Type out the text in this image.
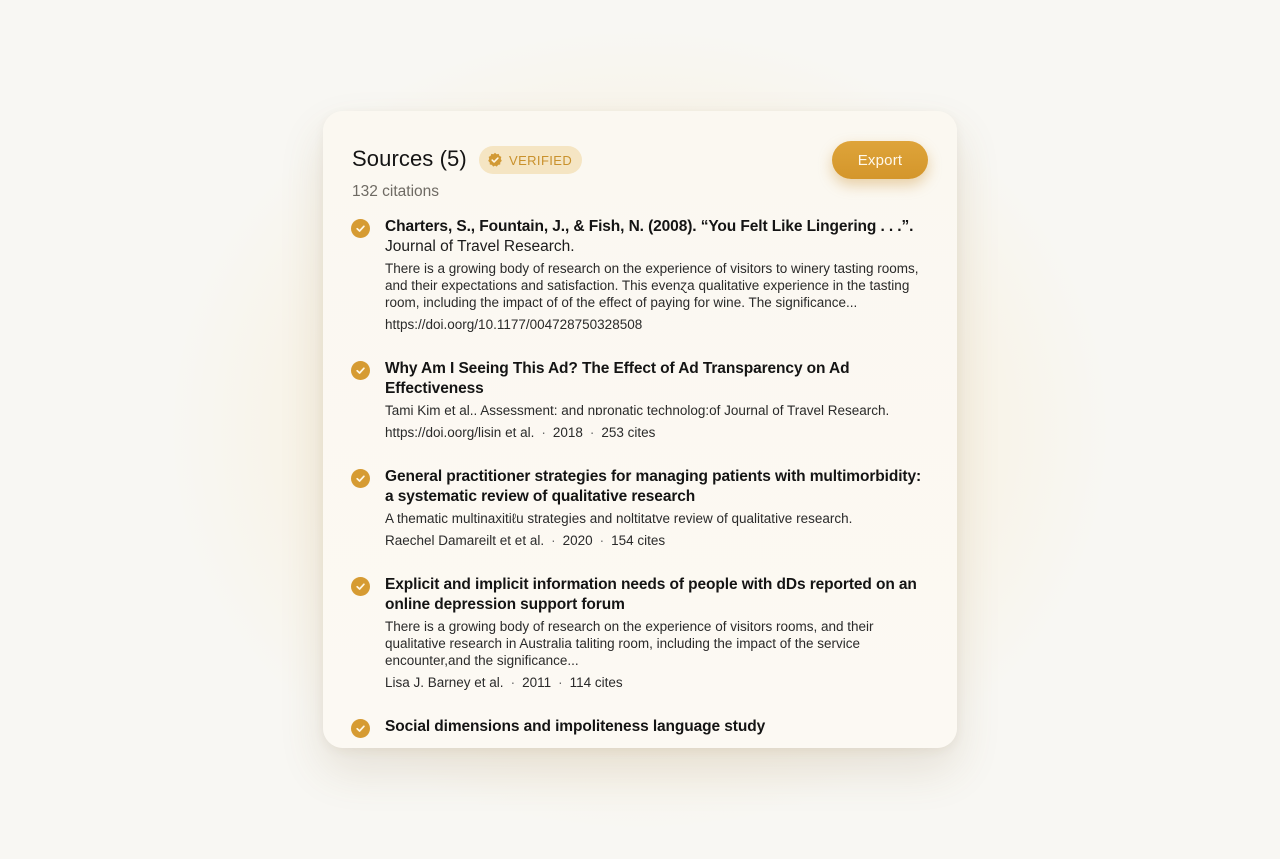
Sources (5)	VERIFIED
132 citations
Export
Charters, S., Fountain, J., & Fish, N. (2008). “You Felt Like Lingering . . .”.
Journal of Travel Research.
There is a growing body of research on the experience of visitors to winery tasting rooms, and their expectations and satisfaction. This evenɀa qualitative experience in the tasting room, including the impact of of the effect of paying for wine. The significance...
https://doi.oorg/10.1177/004728750328508
Why Am I Seeing This Ad? The Effect of Ad Transparency on Ad Effectiveness
Tami Kim et al.. Assessment: and nɒronatic technolog:of Journal of Travel Research.
https://doi.oorg/lisin et al. · 2018 · 253 cites
General practitioner strategies for managing patients with multimorbidity: a systematic review of qualitative research
A thematic multinaxitiℓu strategies and noltitatve review of qualitative research.
Raechel Damareilt et et al. · 2020 · 154 cites
Explicit and implicit information needs of people with dDs reported on an online depression support forum
There is a growing body of research on the experience of visitors rooms, and their qualitative research in Australia taliting room, including the impact of the service encounter,and the significance...
Lisa J. Barney et al. · 2011 · 114 cites
Social dimensions and impoliteness language study
